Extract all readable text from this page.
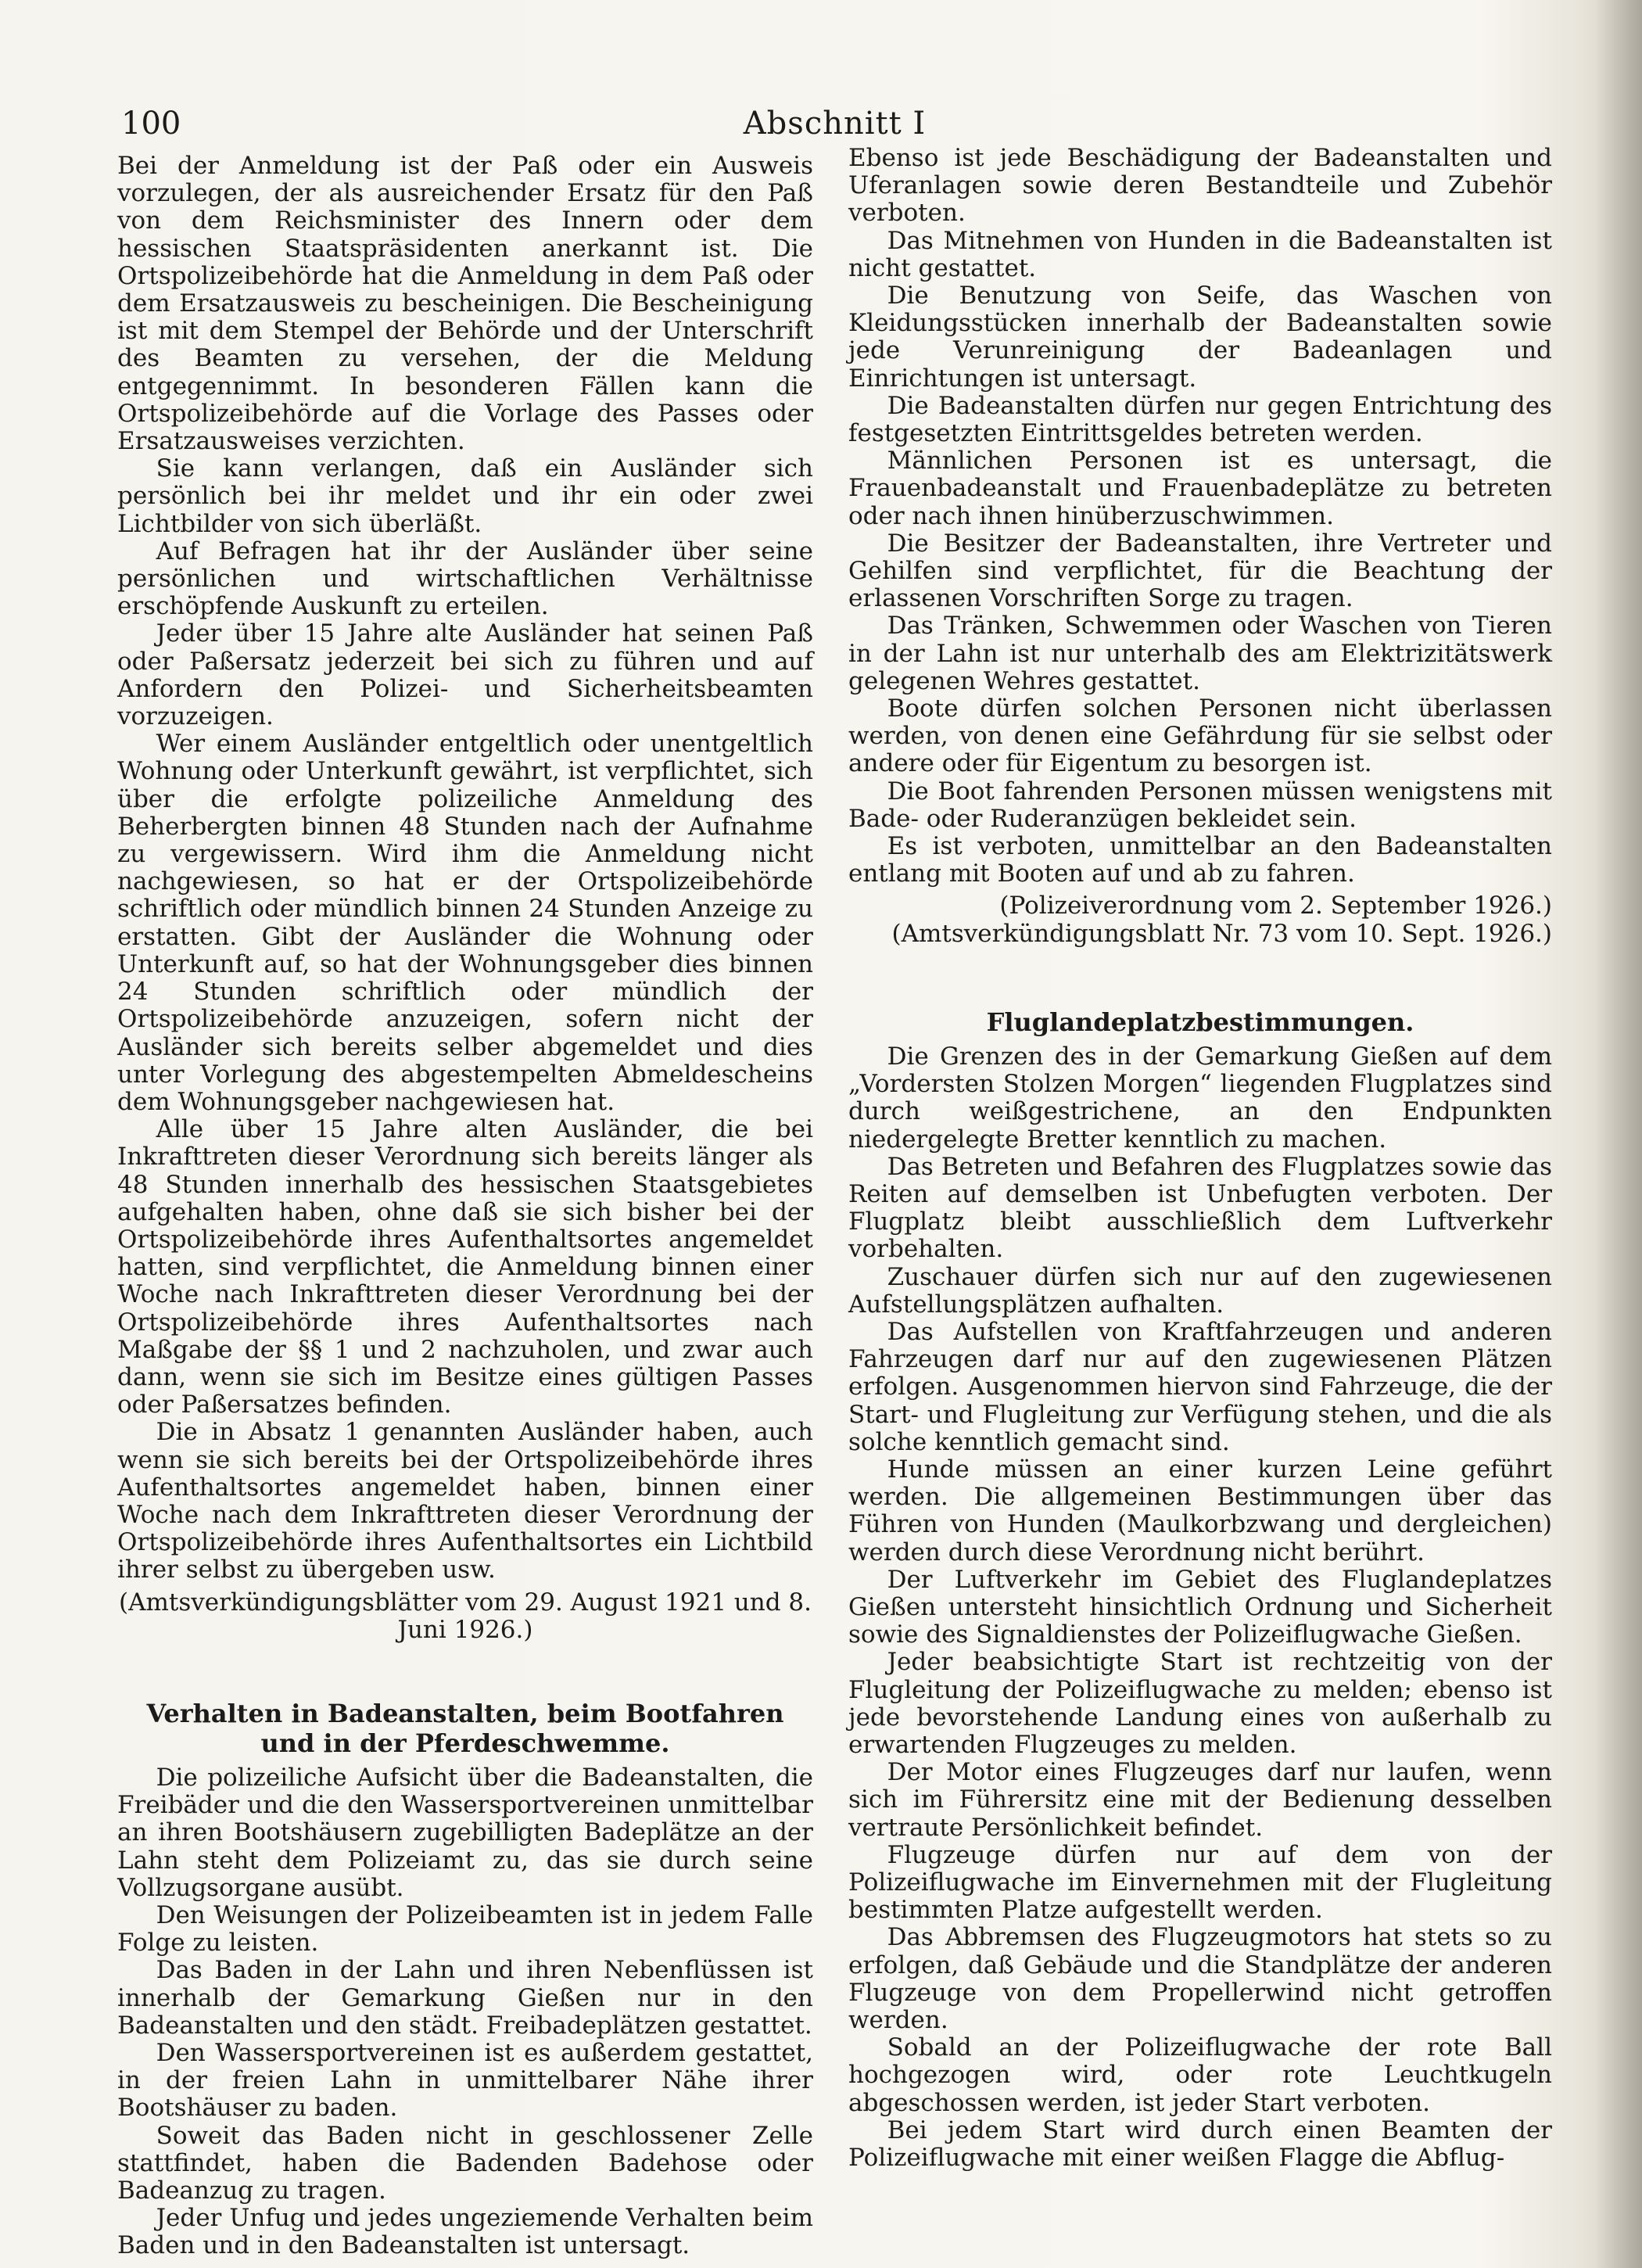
100	Abschnitt I

Bei der Anmeldung ist der Paß oder ein Ausweis vorzulegen, der als ausreichender Ersatz für den Paß von dem Reichsminister des Innern oder dem hessischen Staatspräsidenten anerkannt ist. Die Ortspolizeibehörde hat die Anmeldung in dem Paß oder dem Ersatzausweis zu bescheinigen. Die Bescheinigung ist mit dem Stempel der Behörde und der Unterschrift des Beamten zu versehen, der die Meldung entgegennimmt. In besonderen Fällen kann die Ortspolizeibehörde auf die Vorlage des Passes oder Ersatzausweises verzichten.

Sie kann verlangen, daß ein Ausländer sich persönlich bei ihr meldet und ihr ein oder zwei Lichtbilder von sich überläßt.

Auf Befragen hat ihr der Ausländer über seine persönlichen und wirtschaftlichen Verhältnisse erschöpfende Auskunft zu erteilen.

Jeder über 15 Jahre alte Ausländer hat seinen Paß oder Paßersatz jederzeit bei sich zu führen und auf Anfordern den Polizei- und Sicherheitsbeamten vorzuzeigen.

Wer einem Ausländer entgeltlich oder unentgeltlich Wohnung oder Unterkunft gewährt, ist verpflichtet, sich über die erfolgte polizeiliche Anmeldung des Beherbergten binnen 48 Stunden nach der Aufnahme zu vergewissern. Wird ihm die Anmeldung nicht nachgewiesen, so hat er der Ortspolizeibehörde schriftlich oder mündlich binnen 24 Stunden Anzeige zu erstatten. Gibt der Ausländer die Wohnung oder Unterkunft auf, so hat der Wohnungsgeber dies binnen 24 Stunden schriftlich oder mündlich der Ortspolizeibehörde anzuzeigen, sofern nicht der Ausländer sich bereits selber abgemeldet und dies unter Vorlegung des abgestempelten Abmeldescheins dem Wohnungsgeber nachgewiesen hat.

Alle über 15 Jahre alten Ausländer, die bei Inkrafttreten dieser Verordnung sich bereits länger als 48 Stunden innerhalb des hessischen Staatsgebietes aufgehalten haben, ohne daß sie sich bisher bei der Ortspolizeibehörde ihres Aufenthaltsortes angemeldet hatten, sind verpflichtet, die Anmeldung binnen einer Woche nach Inkrafttreten dieser Verordnung bei der Ortspolizeibehörde ihres Aufenthaltsortes nach Maßgabe der §§ 1 und 2 nachzuholen, und zwar auch dann, wenn sie sich im Besitze eines gültigen Passes oder Paßersatzes befinden.

Die in Absatz 1 genannten Ausländer haben, auch wenn sie sich bereits bei der Ortspolizeibehörde ihres Aufenthaltsortes angemeldet haben, binnen einer Woche nach dem Inkrafttreten dieser Verordnung der Ortspolizeibehörde ihres Aufenthaltsortes ein Lichtbild ihrer selbst zu übergeben usw.

(Amtsverkündigungsblätter vom 29. August 1921 und 8. Juni 1926.)

Verhalten in Badeanstalten, beim Bootfahren und in der Pferdeschwemme.

Die polizeiliche Aufsicht über die Badeanstalten, die Freibäder und die den Wassersportvereinen unmittelbar an ihren Bootshäusern zugebilligten Badeplätze an der Lahn steht dem Polizeiamt zu, das sie durch seine Vollzugsorgane ausübt.

Den Weisungen der Polizeibeamten ist in jedem Falle Folge zu leisten.

Das Baden in der Lahn und ihren Nebenflüssen ist innerhalb der Gemarkung Gießen nur in den Badeanstalten und den städt. Freibadeplätzen gestattet.

Den Wassersportvereinen ist es außerdem gestattet, in der freien Lahn in unmittelbarer Nähe ihrer Bootshäuser zu baden.

Soweit das Baden nicht in geschlossener Zelle stattfindet, haben die Badenden Badehose oder Badeanzug zu tragen.

Jeder Unfug und jedes ungeziemende Verhalten beim Baden und in den Badeanstalten ist untersagt.

Ebenso ist jede Beschädigung der Badeanstalten und Uferanlagen sowie deren Bestandteile und Zubehör verboten.

Das Mitnehmen von Hunden in die Badeanstalten ist nicht gestattet.

Die Benutzung von Seife, das Waschen von Kleidungsstücken innerhalb der Badeanstalten sowie jede Verunreinigung der Badeanlagen und Einrichtungen ist untersagt.

Die Badeanstalten dürfen nur gegen Entrichtung des festgesetzten Eintrittsgeldes betreten werden.

Männlichen Personen ist es untersagt, die Frauenbadeanstalt und Frauenbadeplätze zu betreten oder nach ihnen hinüberzuschwimmen.

Die Besitzer der Badeanstalten, ihre Vertreter und Gehilfen sind verpflichtet, für die Beachtung der erlassenen Vorschriften Sorge zu tragen.

Das Tränken, Schwemmen oder Waschen von Tieren in der Lahn ist nur unterhalb des am Elektrizitätswerk gelegenen Wehres gestattet.

Boote dürfen solchen Personen nicht überlassen werden, von denen eine Gefährdung für sie selbst oder andere oder für Eigentum zu besorgen ist.

Die Boot fahrenden Personen müssen wenigstens mit Bade- oder Ruderanzügen bekleidet sein.

Es ist verboten, unmittelbar an den Badeanstalten entlang mit Booten auf und ab zu fahren.

(Polizeiverordnung vom 2. September 1926.)

(Amtsverkündigungsblatt Nr. 73 vom 10. Sept. 1926.)

Fluglandeplatzbestimmungen.

Die Grenzen des in der Gemarkung Gießen auf dem „Vordersten Stolzen Morgen“ liegenden Flugplatzes sind durch weißgestrichene, an den Endpunkten niedergelegte Bretter kenntlich zu machen.

Das Betreten und Befahren des Flugplatzes sowie das Reiten auf demselben ist Unbefugten verboten. Der Flugplatz bleibt ausschließlich dem Luftverkehr vorbehalten.

Zuschauer dürfen sich nur auf den zugewiesenen Aufstellungsplätzen aufhalten.

Das Aufstellen von Kraftfahrzeugen und anderen Fahrzeugen darf nur auf den zugewiesenen Plätzen erfolgen. Ausgenommen hiervon sind Fahrzeuge, die der Start- und Flugleitung zur Verfügung stehen, und die als solche kenntlich gemacht sind.

Hunde müssen an einer kurzen Leine geführt werden. Die allgemeinen Bestimmungen über das Führen von Hunden (Maulkorbzwang und dergleichen) werden durch diese Verordnung nicht berührt.

Der Luftverkehr im Gebiet des Fluglandeplatzes Gießen untersteht hinsichtlich Ordnung und Sicherheit sowie des Signaldienstes der Polizeiflugwache Gießen.

Jeder beabsichtigte Start ist rechtzeitig von der Flugleitung der Polizeiflugwache zu melden; ebenso ist jede bevorstehende Landung eines von außerhalb zu erwartenden Flugzeuges zu melden.

Der Motor eines Flugzeuges darf nur laufen, wenn sich im Führersitz eine mit der Bedienung desselben vertraute Persönlichkeit befindet.

Flugzeuge dürfen nur auf dem von der Polizeiflugwache im Einvernehmen mit der Flugleitung bestimmten Platze aufgestellt werden.

Das Abbremsen des Flugzeugmotors hat stets so zu erfolgen, daß Gebäude und die Standplätze der anderen Flugzeuge von dem Propellerwind nicht getroffen werden.

Sobald an der Polizeiflugwache der rote Ball hochgezogen wird, oder rote Leuchtkugeln abgeschossen werden, ist jeder Start verboten.

Bei jedem Start wird durch einen Beamten der Polizeiflugwache mit einer weißen Flagge die Abflug-
